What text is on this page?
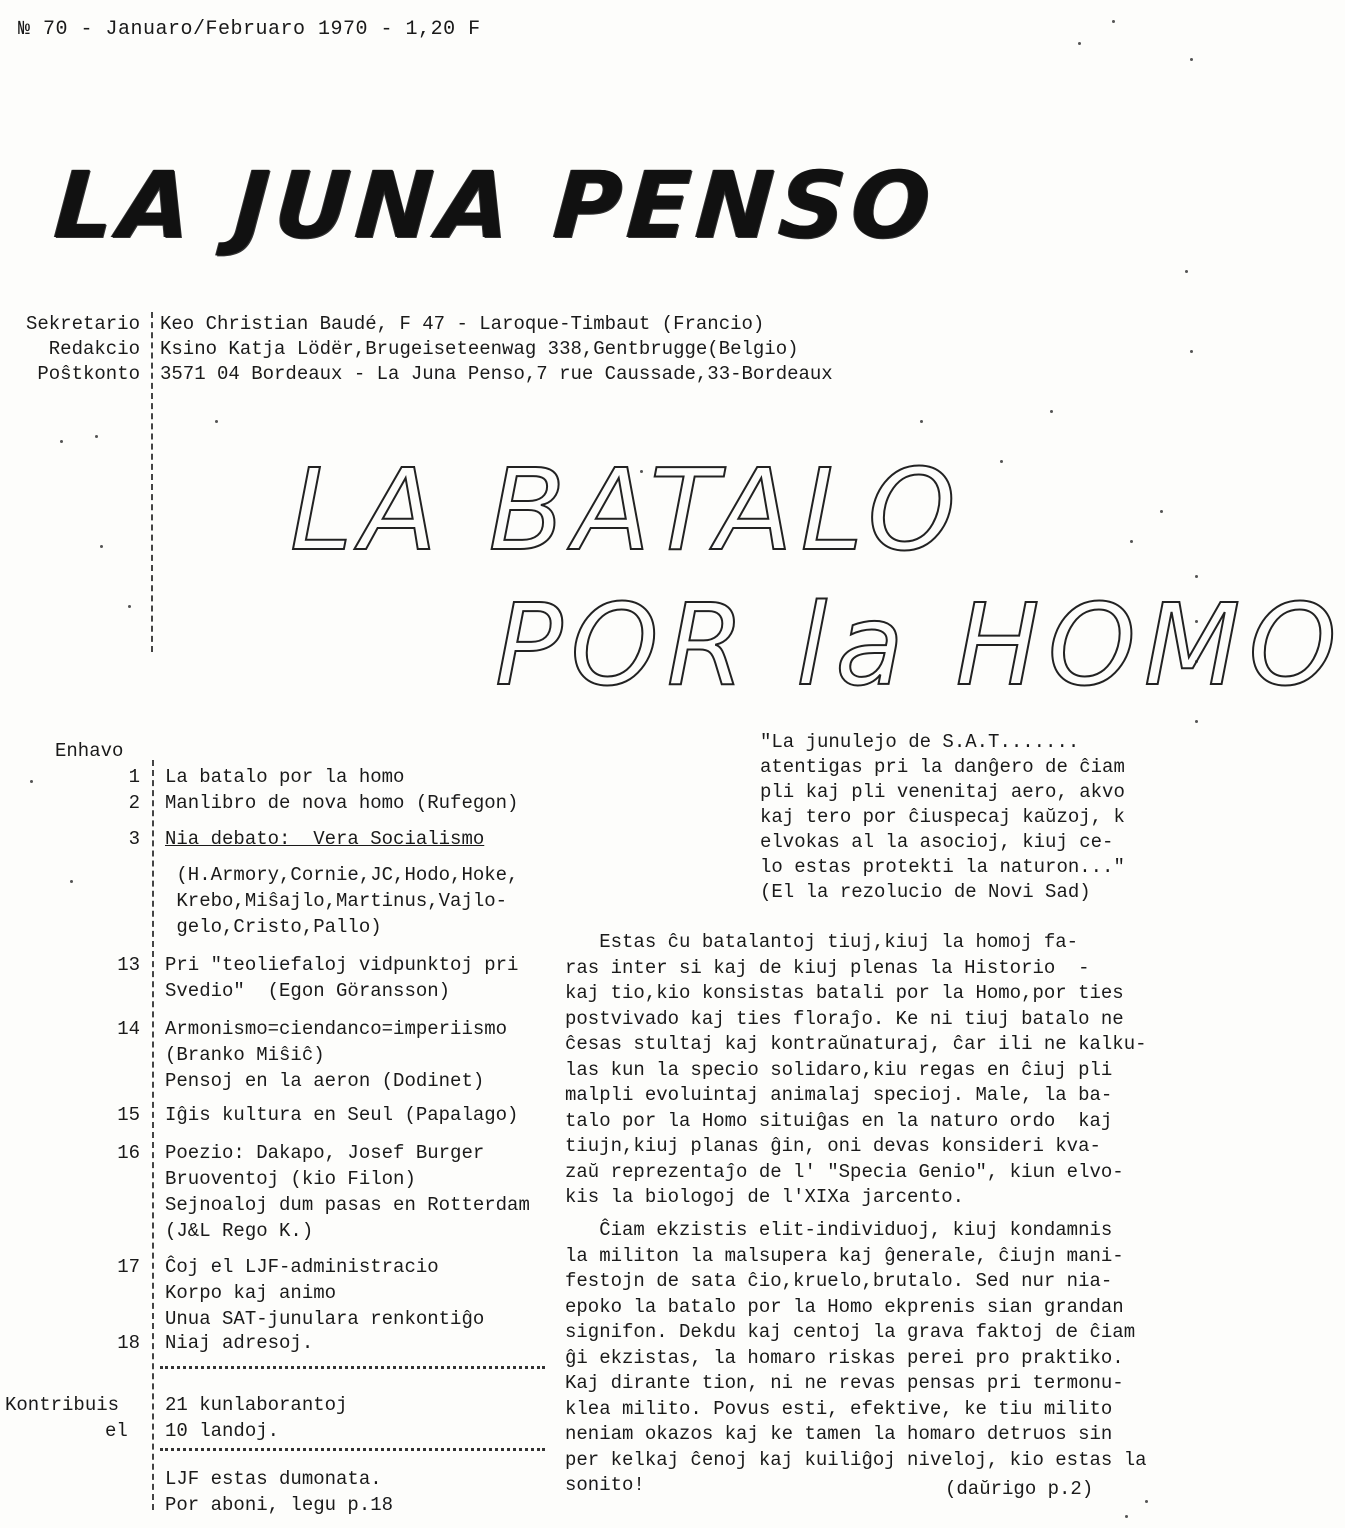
№ 70 - Januaro/Februaro 1970 - 1,20 F
LA JUNA PENSO
Sekretario Keo Christian Baudé, F 47 - Laroque-Timbaut (Francio)
Redakcio Ksino Katja Lödër,Brugeiseteenwag 338,Gentbrugge(Belgio)
Poŝtkonto 3571 04 Bordeaux - La Juna Penso,7 rue Caussade,33-Bordeaux
LA BATALO
POR la HOMO
Enhavo
1 La batalo por la homo
2 Manlibro de nova homo (Rufegon)
3 Nia debato:  Vera Socialismo
(H.Armory,Cornie,JC,Hodo,Hoke,
Krebo,Miŝajlo,Martinus,Vajlo-
gelo,Cristo,Pallo)
13 Pri "teoliefaloj vidpunktoj pri
Svedio"  (Egon Göransson)
14 Armonismo=ciendanco=imperiismo
(Branko Miŝiĉ)
Pensoj en la aeron (Dodinet)
15 Iĝis kultura en Seul (Papalago)
16 Poezio: Dakapo, Josef Burger
Bruoventoj (kio Filon)
Sejnoaloj dum pasas en Rotterdam
(J&L Rego K.)
17 Ĉoj el LJF-administracio
Korpo kaj animo
Unua SAT-junulara renkontiĝo
18 Niaj adresoj.
Kontribuis
el
21 kunlaborantoj
10 landoj.
LJF estas dumonata.
Por aboni, legu p.18
"La junulejo de S.A.T.......
atentigas pri la danĝero de ĉiam
pli kaj pli venenitaj aero, akvo
kaj tero por ĉiuspecaj kaŭzoj, k
elvokas al la asocioj, kiuj ce-
lo estas protekti la naturon..."
(El la rezolucio de Novi Sad)
Estas ĉu batalantoj tiuj,kiuj la homoj fa-
ras inter si kaj de kiuj plenas la Historio  -
kaj tio,kio konsistas batali por la Homo,por ties
postvivado kaj ties floraĵo. Ke ni tiuj batalo ne
ĉesas stultaj kaj kontraŭnaturaj, ĉar ili ne kalku-
las kun la specio solidaro,kiu regas en ĉiuj pli
malpli evoluintaj animalaj specioj. Male, la ba-
talo por la Homo situiĝas en la naturo ordo  kaj
tiujn,kiuj planas ĝin, oni devas konsideri kva-
zaŭ reprezentaĵo de l' "Specia Genio", kiun elvo-
kis la biologoj de l'XIXa jarcento.
Ĉiam ekzistis elit-individuoj, kiuj kondamnis
la militon la malsupera kaj ĝenerale, ĉiujn mani-
festojn de sata ĉio,kruelo,brutalo. Sed nur nia-
epoko la batalo por la Homo ekprenis sian grandan
signifon. Dekdu kaj centoj la grava faktoj de ĉiam
ĝi ekzistas, la homaro riskas perei pro praktiko.
Kaj dirante tion, ni ne revas pensas pri termonu-
klea milito. Povus esti, efektive, ke tiu milito
neniam okazos kaj ke tamen la homaro detruos sin
per kelkaj ĉenoj kaj kuiliĝoj niveloj, kio estas la
sonito!	(daŭrigo p.2)
